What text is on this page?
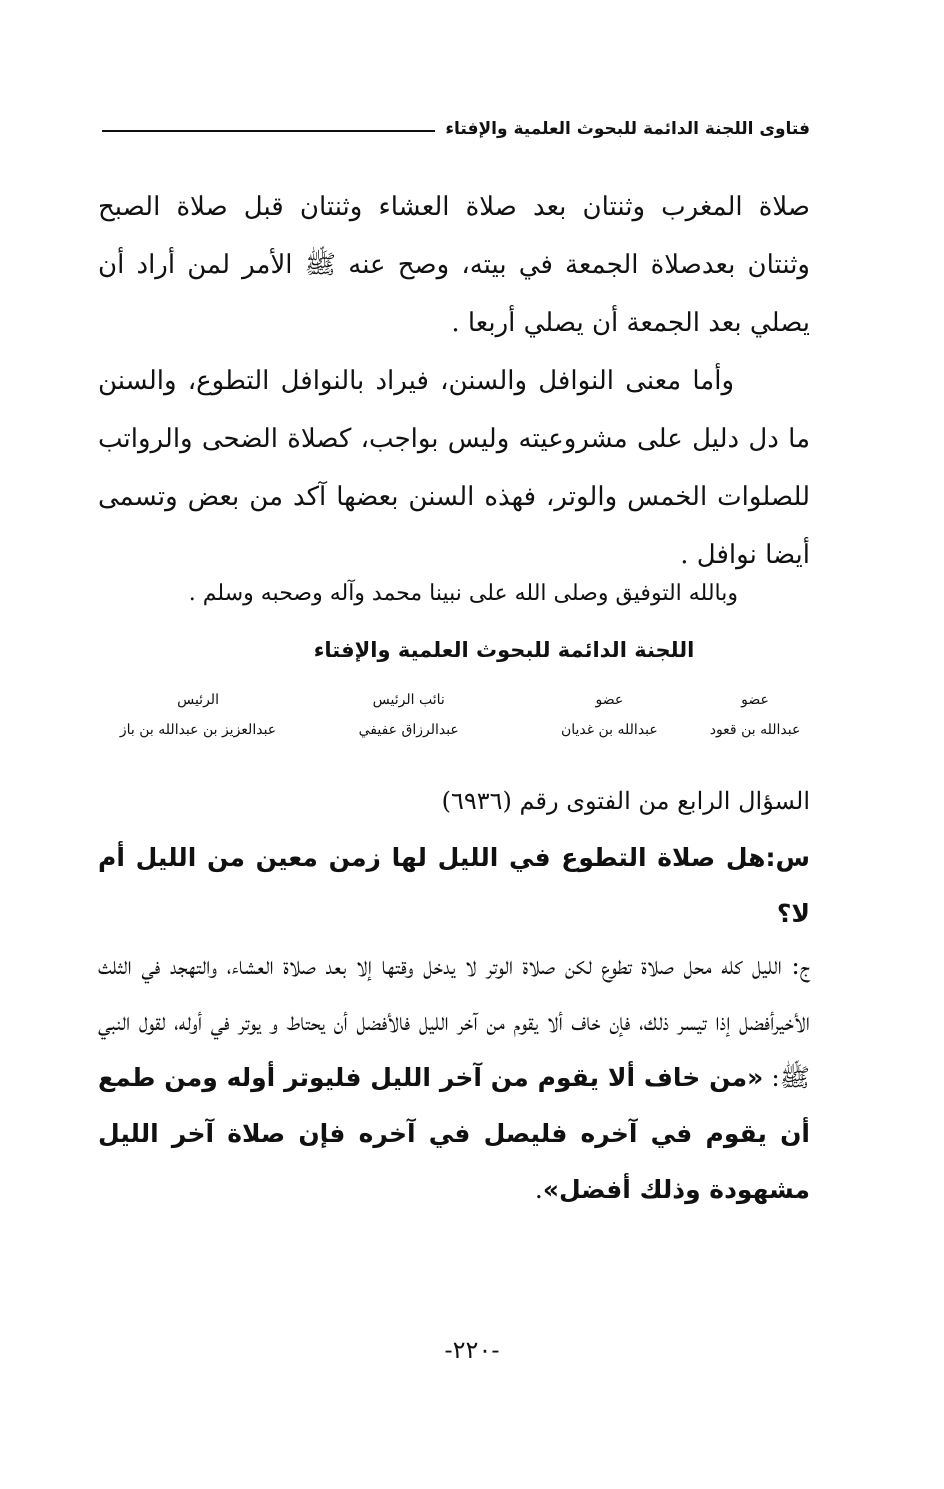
فتاوى اللجنة الدائمة للبحوث العلمية والإفتاء
صلاة المغرب وثنتان بعد صلاة العشاء وثنتان قبل صلاة الصبح وثنتان بعدصلاة الجمعة في بيته، وصح عنه ﷺ الأمر لمن أراد أن يصلي بعد الجمعة أن يصلي أربعا .
وأما معنى النوافل والسنن، فيراد بالنوافل التطوع، والسنن ما دل دليل على مشروعيته وليس بواجب، كصلاة الضحى والرواتب للصلوات الخمس والوتر، فهذه السنن بعضها آكد من بعض وتسمى أيضا نوافل .
وبالله التوفيق وصلى الله على نبينا محمد وآله وصحبه وسلم .
اللجنة الدائمة للبحوث العلمية والإفتاء
عضو
عبدالله بن قعود
عضو
عبدالله بن غديان
نائب الرئيس
عبدالرزاق عفيفي
الرئيس
عبدالعزيز بن عبدالله بن باز
السؤال الرابع من الفتوى رقم (٦٩٣٦)
س:هل صلاة التطوع في الليل لها زمن معين من الليل أم لا؟
ج: الليل كله محل صلاة تطوع لكن صلاة الوتر لا يدخل وقتها إلا بعد صلاة العشاء، والتهجد في الثلث الأخيرأفضل إذا تيسر ذلك، فإن خاف ألا يقوم من آخر الليل فالأفضل أن يحتاط و يوتر في أوله، لقول النبي ﷺ: «من خاف ألا يقوم من آخر الليل فليوتر أوله ومن طمع أن يقوم في آخره فليصل في آخره فإن صلاة آخر الليل مشهودة وذلك أفضل».
-٢٢٠-
